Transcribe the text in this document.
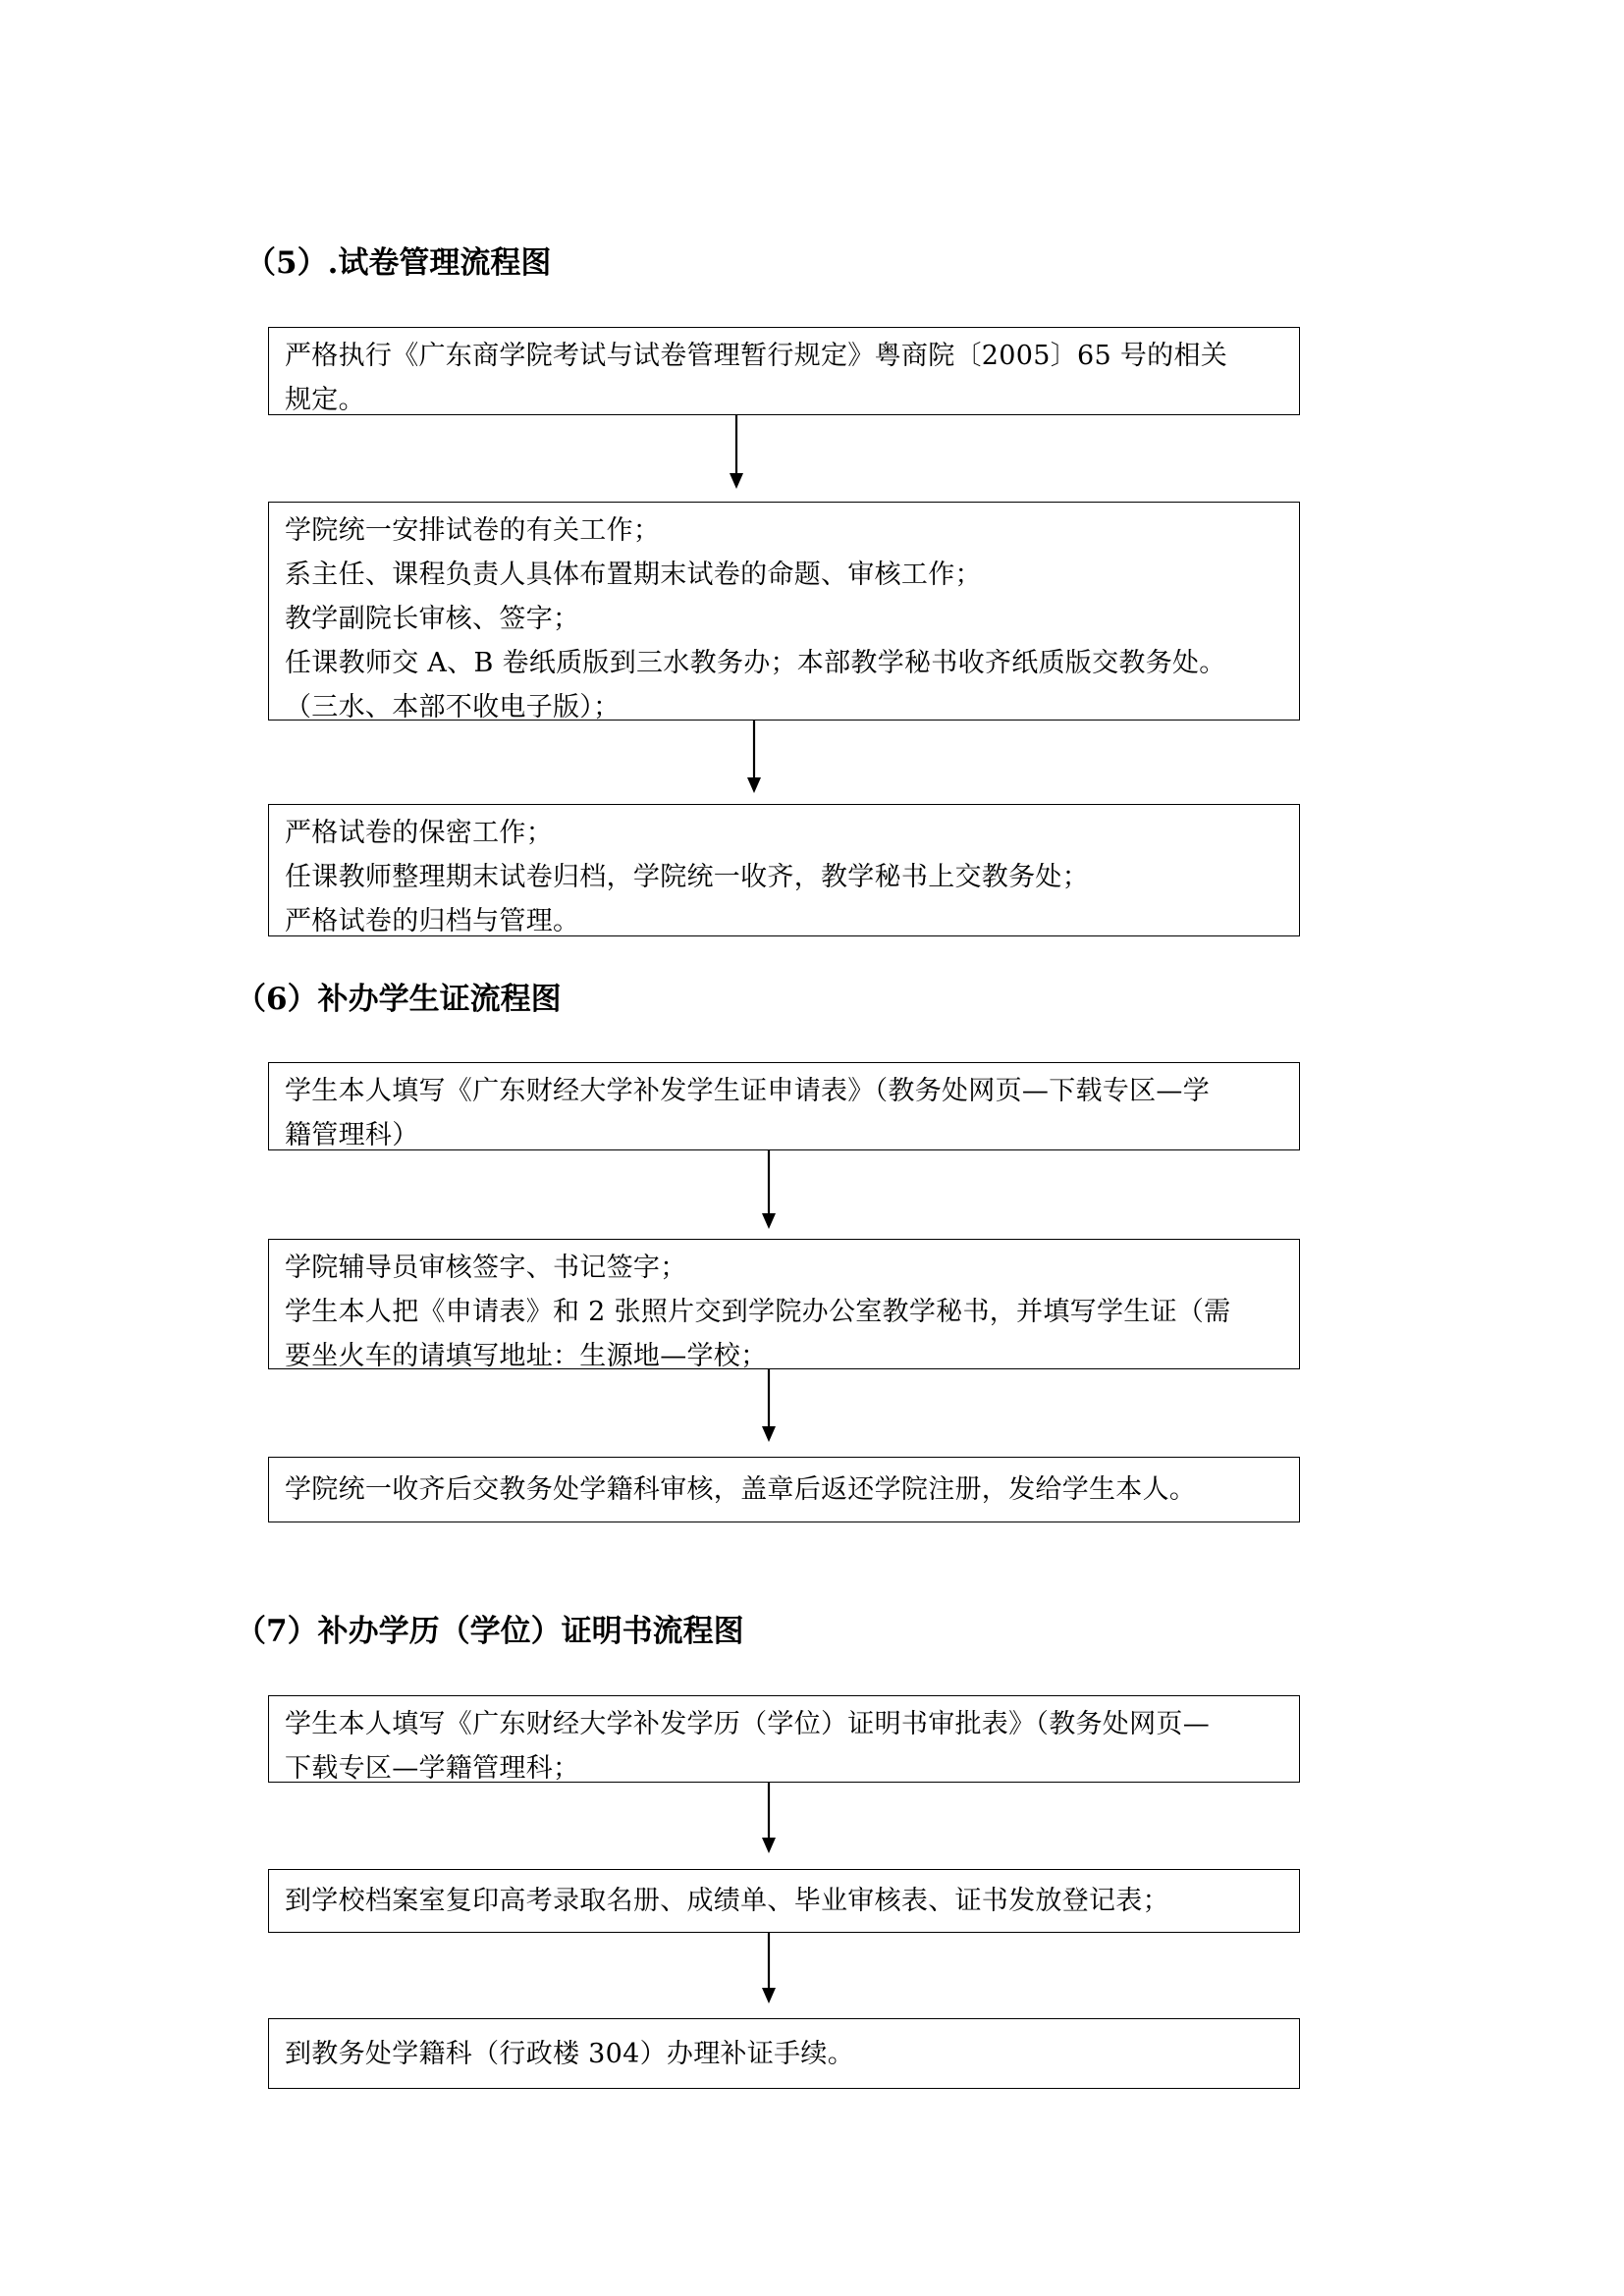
（5）.试卷管理流程图
严格执行《广东商学院考试与试卷管理暂行规定》粤商院〔2005〕65 号的相关
规定。
学院统一安排试卷的有关工作；
系主任、课程负责人具体布置期末试卷的命题、审核工作；
教学副院长审核、签字；
任课教师交 A、B 卷纸质版到三水教务办；本部教学秘书收齐纸质版交教务处。
（三水、本部不收电子版）；
严格试卷的保密工作；
任课教师整理期末试卷归档，学院统一收齐，教学秘书上交教务处；
严格试卷的归档与管理。
（6）补办学生证流程图
学生本人填写《广东财经大学补发学生证申请表》（教务处网页—下载专区—学
籍管理科）
学院辅导员审核签字、书记签字；
学生本人把《申请表》和 2 张照片交到学院办公室教学秘书，并填写学生证（需
要坐火车的请填写地址：生源地—学校；
学院统一收齐后交教务处学籍科审核，盖章后返还学院注册，发给学生本人。
（7）补办学历（学位）证明书流程图
学生本人填写《广东财经大学补发学历（学位）证明书审批表》（教务处网页—
下载专区—学籍管理科；
到学校档案室复印高考录取名册、成绩单、毕业审核表、证书发放登记表；
到教务处学籍科（行政楼 304）办理补证手续。
